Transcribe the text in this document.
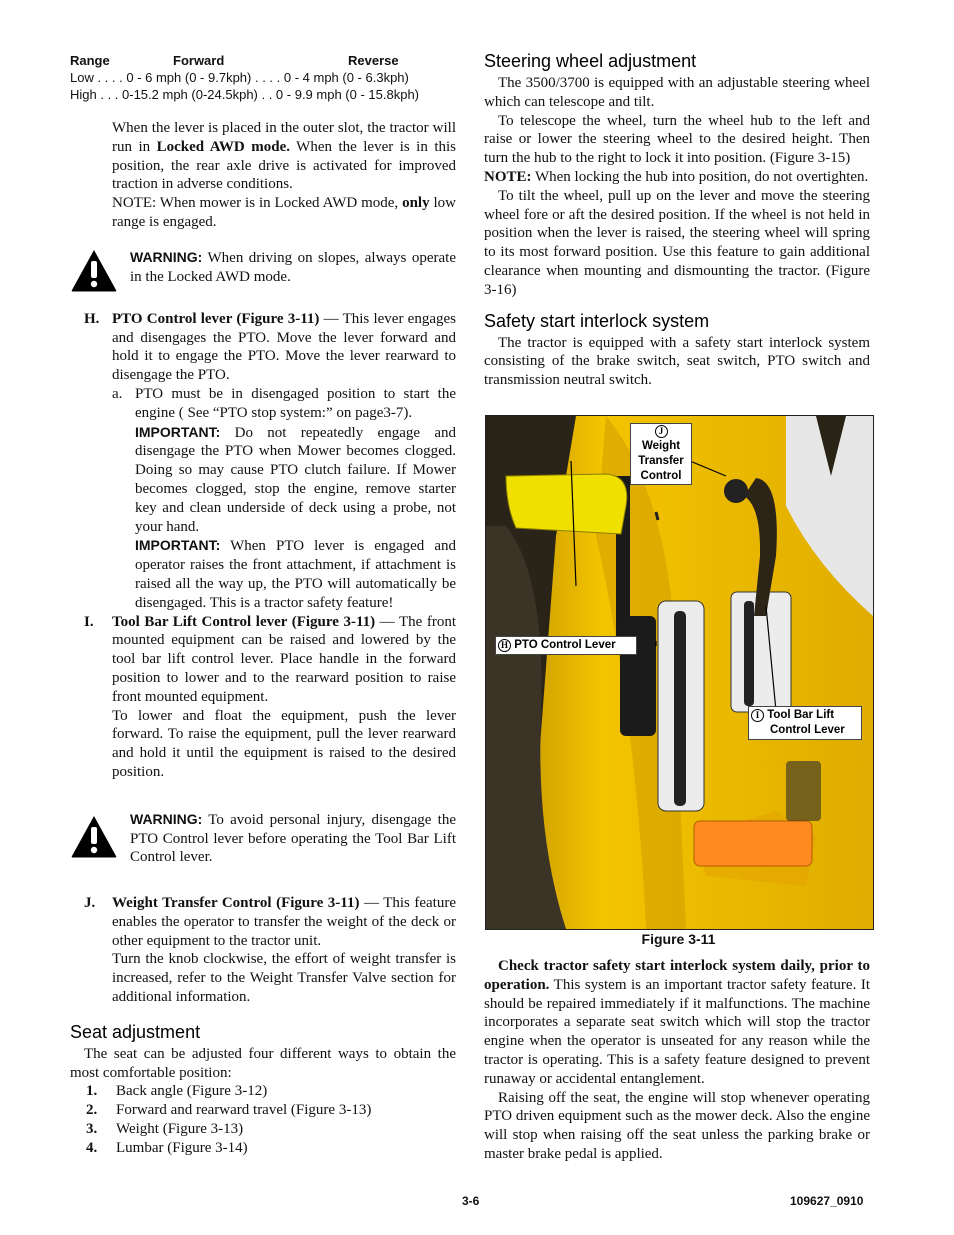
Range	Forward	Reverse
Low . . . . 0 - 6 mph (0 - 9.7kph) . . . . 0 - 4 mph (0 - 6.3kph)
High . . . 0-15.2 mph (0-24.5kph) . . 0 - 9.9 mph (0 - 15.8kph)

When the lever is placed in the outer slot, the tractor will run in Locked AWD mode. When the lever is in this position, the rear axle drive is activated for improved traction in adverse conditions.

NOTE: When mower is in Locked AWD mode, only low range is engaged.

WARNING: When driving on slopes, always operate in the Locked AWD mode.

H. PTO Control lever (Figure 3-11) — This lever engages and disengages the PTO. Move the lever forward and hold it to engage the PTO. Move the lever rearward to disengage the PTO.
a. PTO must be in disengaged position to start the engine ( See “PTO stop system:” on page3-7).
IMPORTANT: Do not repeatedly engage and disengage the PTO when Mower becomes clogged. Doing so may cause PTO clutch failure. If Mower becomes clogged, stop the engine, remove starter key and clean underside of deck using a probe, not your hand.
IMPORTANT: When PTO lever is engaged and operator raises the front attachment, if attachment is raised all the way up, the PTO will automatically be disengaged. This is a tractor safety feature!
I. Tool Bar Lift Control lever (Figure 3-11) — The front mounted equipment can be raised and lowered by the tool bar lift control lever. Place handle in the forward position to lower and to the rearward position to raise front mounted equipment.
To lower and float the equipment, push the lever forward. To raise the equipment, pull the lever rearward and hold it until the equipment is raised to the desired position.

WARNING: To avoid personal injury, disengage the PTO Control lever before operating the Tool Bar Lift Control lever.

J. Weight Transfer Control (Figure 3-11) — This feature enables the operator to transfer the weight of the deck or other equipment to the tractor unit.
Turn the knob clockwise, the effort of weight transfer is increased, refer to the Weight Transfer Valve section for additional information.
Seat adjustment

The seat can be adjusted four different ways to obtain the most comfortable position:

1. Back angle (Figure 3-12)
2. Forward and rearward travel (Figure 3-13)
3. Weight (Figure 3-13)
4. Lumbar (Figure 3-14)
Steering wheel adjustment

The 3500/3700 is equipped with an adjustable steering wheel which can telescope and tilt.

To telescope the wheel, turn the wheel hub to the left and raise or lower the steering wheel to the desired height. Then turn the hub to the right to lock it into position. (Figure 3-15)

NOTE: When locking the hub into position, do not overtighten.

To tilt the wheel, pull up on the lever and move the steering wheel fore or aft the desired position. If the wheel is not held in position when the lever is raised, the steering wheel will spring to its most forward position. Use this feature to gain additional clearance when mounting and dismounting the tractor. (Figure 3-16)

Safety start interlock system

The tractor is equipped with a safety start interlock system consisting of the brake switch, seat switch, PTO switch and transmission neutral switch.

J
Weight
Transfer
Control
H PTO Control Lever
I Tool Bar Lift
Control Lever
Figure 3-11

Check tractor safety start interlock system daily, prior to operation. This system is an important tractor safety feature. It should be repaired immediately if it malfunctions. The machine incorporates a separate seat switch which will stop the tractor engine when the operator is unseated for any reason while the tractor is operating. This is a safety feature designed to prevent runaway or accidental entanglement.

Raising off the seat, the engine will stop whenever operating PTO driven equipment such as the mower deck. Also the engine will stop when raising off the seat unless the parking brake or master brake pedal is applied.

3-6	109627_0910
